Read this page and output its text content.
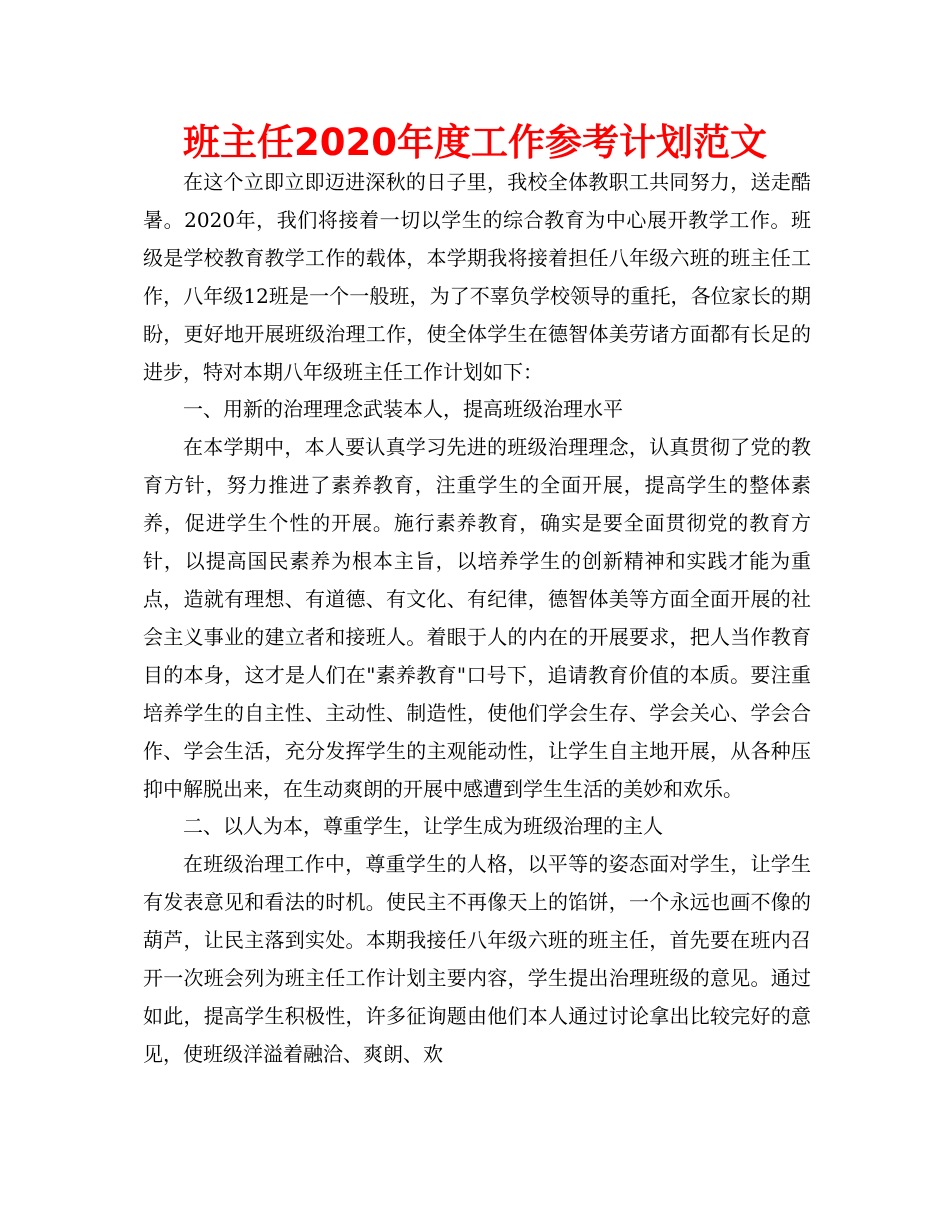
班主任2020年度工作参考计划范文

在这个立即立即迈进深秋的日子里，我校全体教职工共同努力，送走酷暑。2020年，我们将接着一切以学生的综合教育为中心展开教学工作。班级是学校教育教学工作的载体，本学期我将接着担任八年级六班的班主任工作，八年级12班是一个一般班，为了不辜负学校领导的重托，各位家长的期盼，更好地开展班级治理工作，使全体学生在德智体美劳诸方面都有长足的进步，特对本期八年级班主任工作计划如下：

一、用新的治理理念武装本人，提高班级治理水平

在本学期中，本人要认真学习先进的班级治理理念，认真贯彻了党的教育方针，努力推进了素养教育，注重学生的全面开展，提高学生的整体素养，促进学生个性的开展。施行素养教育，确实是要全面贯彻党的教育方针，以提高国民素养为根本主旨，以培养学生的创新精神和实践才能为重点，造就有理想、有道德、有文化、有纪律，德智体美等方面全面开展的社会主义事业的建立者和接班人。着眼于人的内在的开展要求，把人当作教育目的本身，这才是人们在"素养教育"口号下，追请教育价值的本质。要注重培养学生的自主性、主动性、制造性，使他们学会生存、学会关心、学会合作、学会生活，充分发挥学生的主观能动性，让学生自主地开展，从各种压抑中解脱出来，在生动爽朗的开展中感遭到学生生活的美妙和欢乐。

二、以人为本，尊重学生，让学生成为班级治理的主人

在班级治理工作中，尊重学生的人格，以平等的姿态面对学生，让学生有发表意见和看法的时机。使民主不再像天上的馅饼，一个永远也画不像的葫芦，让民主落到实处。本期我接任八年级六班的班主任，首先要在班内召开一次班会列为班主任工作计划主要内容，学生提出治理班级的意见。通过如此，提高学生积极性，许多征询题由他们本人通过讨论拿出比较完好的意见，使班级洋溢着融洽、爽朗、欢
